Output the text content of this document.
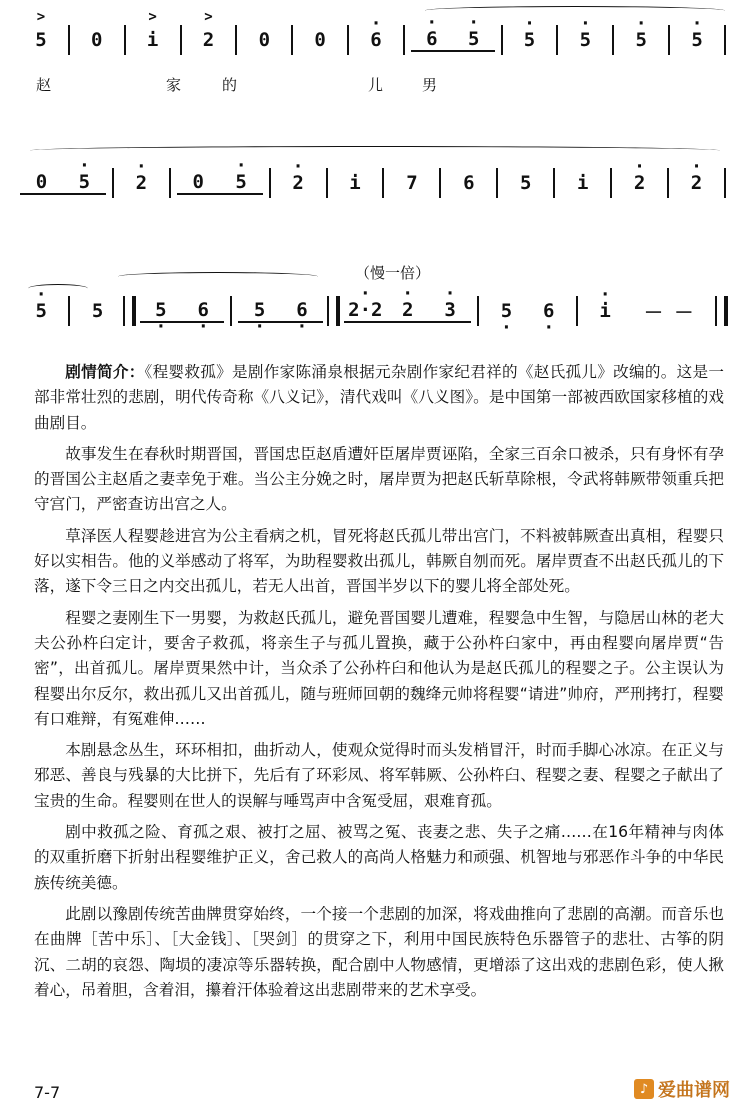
> 5	0	> i	> 2	0	0	· 6	· 6	· 5	· 5	· 5	· 5	· 5
赵	家	的	儿	男
0	· 5	· 2	0	· 5	· 2	i	7	6	5	i	· 2	· 2
（慢一倍）
· 5	5	5 ·	6 ·	5 ·	6 ·	· 2·2	· 2	· 3	5 ·	6 ·	· i	－ －

剧情简介：《程婴救孤》是剧作家陈涌泉根据元杂剧作家纪君祥的《赵氏孤儿》改编的。这是一部非常壮烈的悲剧，明代传奇称《八义记》，清代戏叫《八义图》。是中国第一部被西欧国家移植的戏曲剧目。

故事发生在春秋时期晋国，晋国忠臣赵盾遭奸臣屠岸贾诬陷，全家三百余口被杀，只有身怀有孕的晋国公主赵盾之妻幸免于难。当公主分娩之时，屠岸贾为把赵氏斩草除根，令武将韩厥带领重兵把守宫门，严密查访出宫之人。

草泽医人程婴趁进宫为公主看病之机，冒死将赵氏孤儿带出宫门，不料被韩厥查出真相，程婴只好以实相告。他的义举感动了将军，为助程婴救出孤儿，韩厥自刎而死。屠岸贾查不出赵氏孤儿的下落，遂下令三日之内交出孤儿，若无人出首，晋国半岁以下的婴儿将全部处死。

程婴之妻刚生下一男婴，为救赵氏孤儿，避免晋国婴儿遭难，程婴急中生智，与隐居山林的老大夫公孙杵臼定计，要舍子救孤，将亲生子与孤儿置换，藏于公孙杵臼家中，再由程婴向屠岸贾“告密”，出首孤儿。屠岸贾果然中计，当众杀了公孙杵臼和他认为是赵氏孤儿的程婴之子。公主误认为程婴出尔反尔，救出孤儿又出首孤儿，随与班师回朝的魏绛元帅将程婴“请进”帅府，严刑拷打，程婴有口难辩，有冤难伸……

本剧悬念丛生，环环相扣，曲折动人，使观众觉得时而头发梢冒汗，时而手脚心冰凉。在正义与邪恶、善良与残暴的大比拼下，先后有了环彩凤、将军韩厥、公孙杵臼、程婴之妻、程婴之子献出了宝贵的生命。程婴则在世人的误解与唾骂声中含冤受屈，艰难育孤。

剧中救孤之险、育孤之艰、被打之屈、被骂之冤、丧妻之悲、失子之痛……在16年精神与肉体的双重折磨下折射出程婴维护正义，舍己救人的高尚人格魅力和顽强、机智地与邪恶作斗争的中华民族传统美德。

此剧以豫剧传统苦曲牌贯穿始终，一个接一个悲剧的加深，将戏曲推向了悲剧的高潮。而音乐也在曲牌［苦中乐］、［大金钱］、［哭剑］的贯穿之下，利用中国民族特色乐器管子的悲壮、古筝的阴沉、二胡的哀怨、陶埙的凄凉等乐器转换，配合剧中人物感情，更增添了这出戏的悲剧色彩，使人揪着心，吊着胆，含着泪，攥着汗体验着这出悲剧带来的艺术享受。

7-7	♪ 爱曲谱网
